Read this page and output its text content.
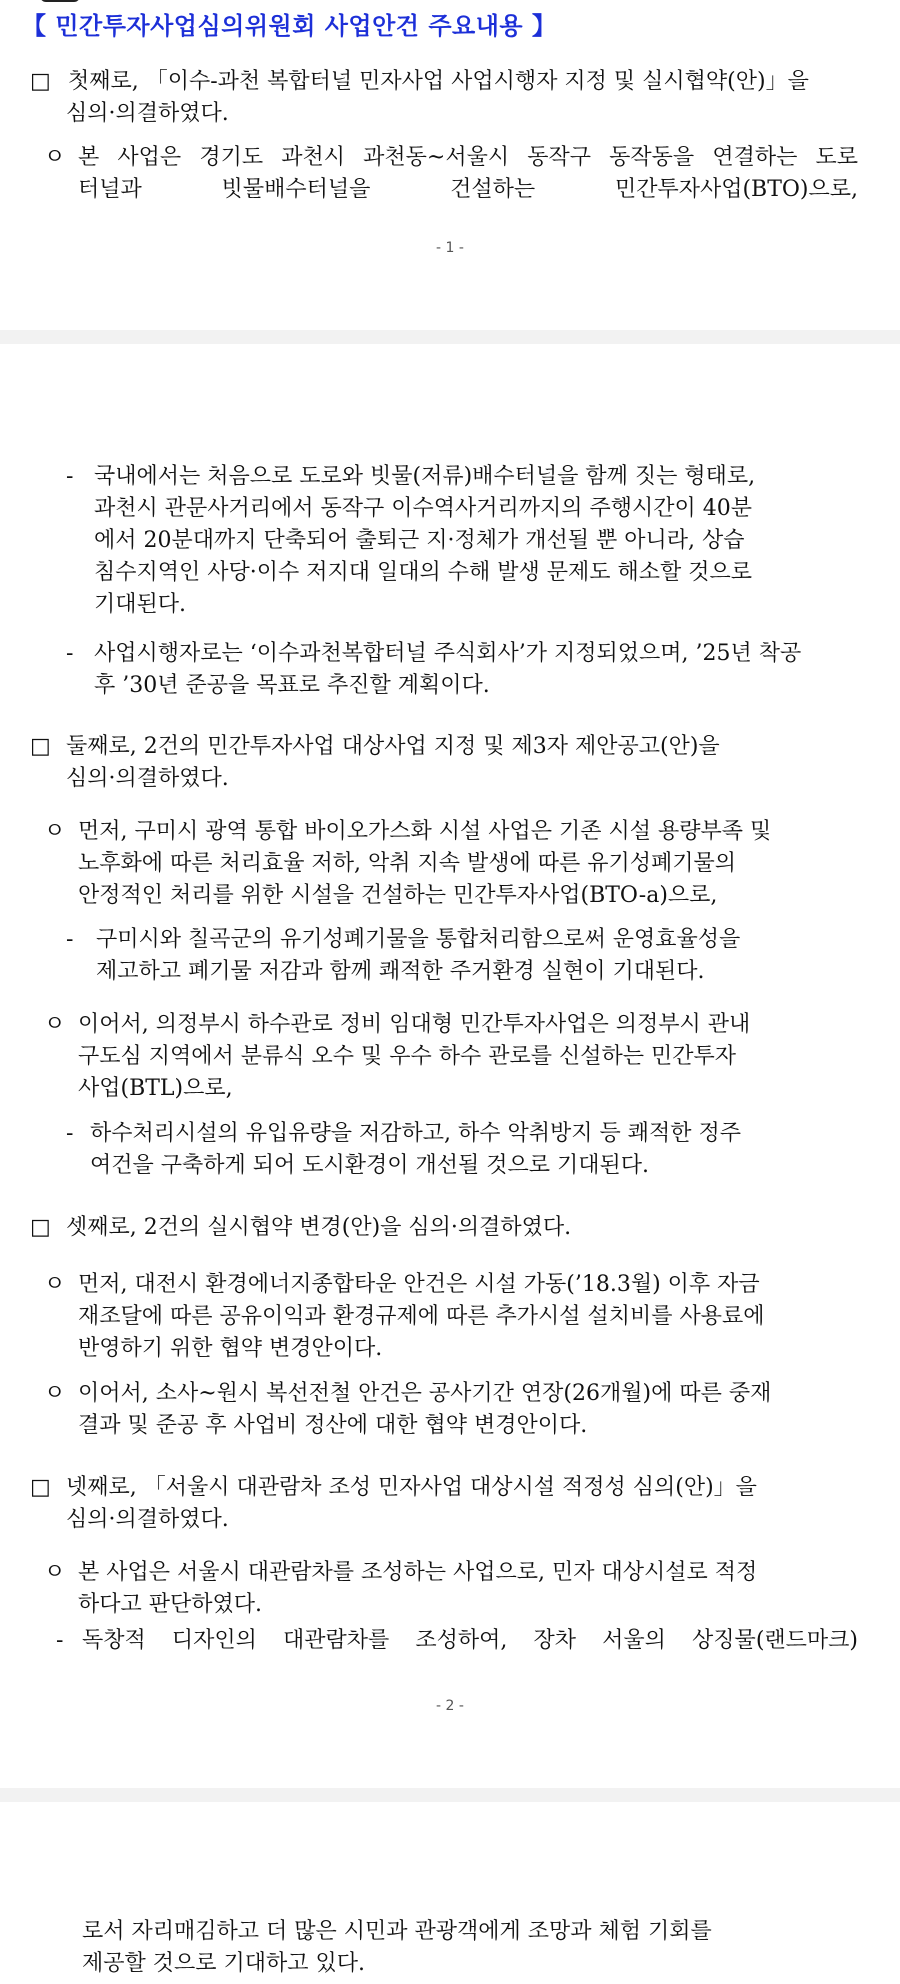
【 민간투자사업심의위원회 사업안건 주요내용 】
□ 첫째로, 「이수-과천 복합터널 민자사업 사업시행자 지정 및 실시협약(안)」을
심의·의결하였다.
ㅇ 본 사업은 경기도 과천시 과천동~서울시 동작구 동작동을 연결하는 도로
터널과 빗물배수터널을 건설하는 민간투자사업(BTO)으로,
- 1 -
- 국내에서는 처음으로 도로와 빗물(저류)배수터널을 함께 짓는 형태로,
과천시 관문사거리에서 동작구 이수역사거리까지의 주행시간이 40분
에서 20분대까지 단축되어 출퇴근 지·정체가 개선될 뿐 아니라, 상습
침수지역인 사당·이수 저지대 일대의 수해 발생 문제도 해소할 것으로
기대된다.
- 사업시행자로는 ‘이수과천복합터널 주식회사’가 지정되었으며, ’25년 착공
후 ’30년 준공을 목표로 추진할 계획이다.
□ 둘째로, 2건의 민간투자사업 대상사업 지정 및 제3자 제안공고(안)을
심의·의결하였다.
ㅇ 먼저, 구미시 광역 통합 바이오가스화 시설 사업은 기존 시설 용량부족 및
노후화에 따른 처리효율 저하, 악취 지속 발생에 따른 유기성폐기물의
안정적인 처리를 위한 시설을 건설하는 민간투자사업(BTO-a)으로,
- 구미시와 칠곡군의 유기성폐기물을 통합처리함으로써 운영효율성을
제고하고 폐기물 저감과 함께 쾌적한 주거환경 실현이 기대된다.
ㅇ 이어서, 의정부시 하수관로 정비 임대형 민간투자사업은 의정부시 관내
구도심 지역에서 분류식 오수 및 우수 하수 관로를 신설하는 민간투자
사업(BTL)으로,
- 하수처리시설의 유입유량을 저감하고, 하수 악취방지 등 쾌적한 정주
여건을 구축하게 되어 도시환경이 개선될 것으로 기대된다.
□ 셋째로, 2건의 실시협약 변경(안)을 심의·의결하였다.
ㅇ 먼저, 대전시 환경에너지종합타운 안건은 시설 가동(’18.3월) 이후 자금
재조달에 따른 공유이익과 환경규제에 따른 추가시설 설치비를 사용료에
반영하기 위한 협약 변경안이다.
ㅇ 이어서, 소사~원시 복선전철 안건은 공사기간 연장(26개월)에 따른 중재
결과 및 준공 후 사업비 정산에 대한 협약 변경안이다.
□ 넷째로, 「서울시 대관람차 조성 민자사업 대상시설 적정성 심의(안)」을
심의·의결하였다.
ㅇ 본 사업은 서울시 대관람차를 조성하는 사업으로, 민자 대상시설로 적정
하다고 판단하였다.
- 독창적 디자인의 대관람차를 조성하여, 장차 서울의 상징물(랜드마크)
- 2 -
로서 자리매김하고 더 많은 시민과 관광객에게 조망과 체험 기회를
제공할 것으로 기대하고 있다.
